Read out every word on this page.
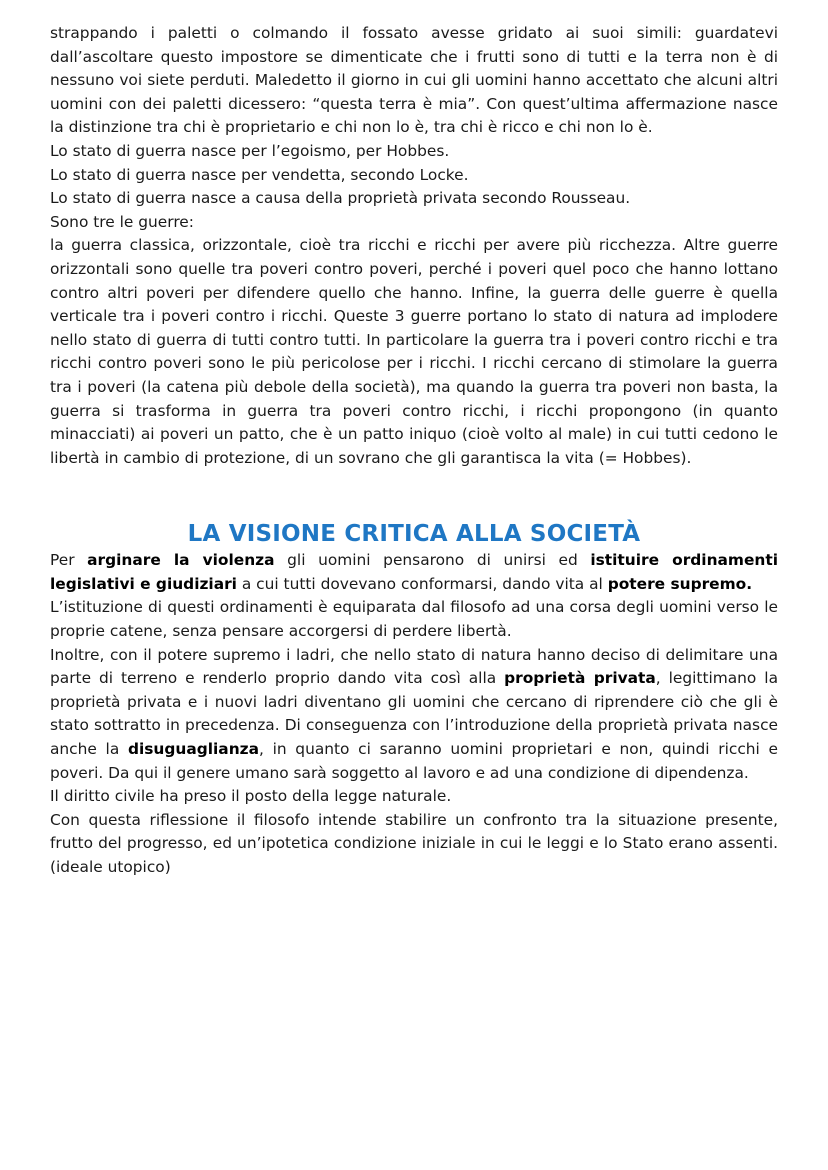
strappando i paletti o colmando il fossato avesse gridato ai suoi simili: guardatevi dall’ascoltare questo impostore se dimenticate che i frutti sono di tutti e la terra non è di nessuno voi siete perduti. Maledetto il giorno in cui gli uomini hanno accettato che alcuni altri uomini con dei paletti dicessero: “questa terra è mia”. Con quest’ultima affermazione nasce la distinzione tra chi è proprietario e chi non lo è, tra chi è ricco e chi non lo è.

Lo stato di guerra nasce per l’egoismo, per Hobbes.

Lo stato di guerra nasce per vendetta, secondo Locke.

Lo stato di guerra nasce a causa della proprietà privata secondo Rousseau.

Sono tre le guerre:

la guerra classica, orizzontale, cioè tra ricchi e ricchi per avere più ricchezza. Altre guerre orizzontali sono quelle tra poveri contro poveri, perché i poveri quel poco che hanno lottano contro altri poveri per difendere quello che hanno. Infine, la guerra delle guerre è quella verticale tra i poveri contro i ricchi. Queste 3 guerre portano lo stato di natura ad implodere nello stato di guerra di tutti contro tutti. In particolare la guerra tra i poveri contro ricchi e tra ricchi contro poveri sono le più pericolose per i ricchi. I ricchi cercano di stimolare la guerra tra i poveri (la catena più debole della società), ma quando la guerra tra poveri non basta, la guerra si trasforma in guerra tra poveri contro ricchi, i ricchi propongono (in quanto minacciati) ai poveri un patto, che è un patto iniquo (cioè volto al male) in cui tutti cedono le libertà in cambio di protezione, di un sovrano che gli garantisca la vita (= Hobbes).

LA VISIONE CRITICA ALLA SOCIETÀ

Per arginare la violenza gli uomini pensarono di unirsi ed istituire ordinamenti legislativi e giudiziari a cui tutti dovevano conformarsi, dando vita al potere supremo.

L’istituzione di questi ordinamenti è equiparata dal filosofo ad una corsa degli uomini verso le proprie catene, senza pensare accorgersi di perdere libertà.

Inoltre, con il potere supremo i ladri, che nello stato di natura hanno deciso di delimitare una parte di terreno e renderlo proprio dando vita così alla proprietà privata, legittimano la proprietà privata e i nuovi ladri diventano gli uomini che cercano di riprendere ciò che gli è stato sottratto in precedenza. Di conseguenza con l’introduzione della proprietà privata nasce anche la disuguaglianza, in quanto ci saranno uomini proprietari e non, quindi ricchi e poveri. Da qui il genere umano sarà soggetto al lavoro e ad una condizione di dipendenza.

Il diritto civile ha preso il posto della legge naturale.

Con questa riflessione il filosofo intende stabilire un confronto tra la situazione presente, frutto del progresso, ed un’ipotetica condizione iniziale in cui le leggi e lo Stato erano assenti. (ideale utopico)
